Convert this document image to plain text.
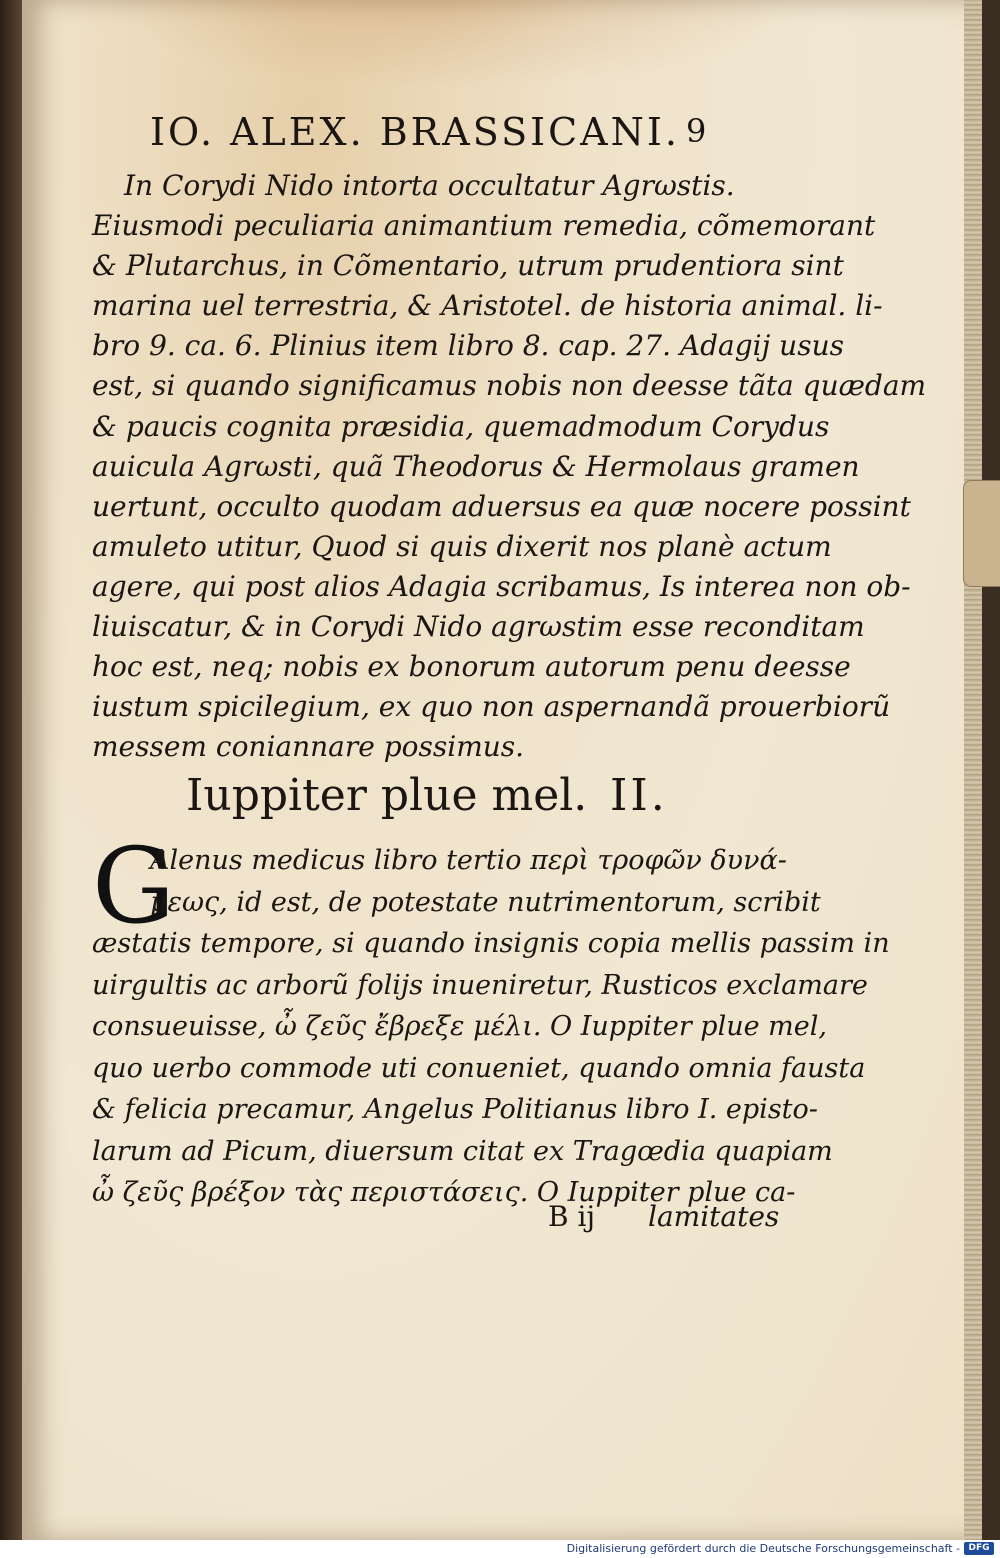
IO. ALEX. BRASSICANI. 9
In Corydi Nido intorta occultatur Agrωstis.
Eiusmodi peculiaria animantium remedia, cõmemorant
& Plutarchus, in Cõmentario, utrum prudentiora sint
marina uel terrestria, & Aristotel. de historia animal. li-
bro 9. ca. 6. Plinius item libro 8. cap. 27. Adagij usus
est, si quando significamus nobis non deesse tãta quædam
& paucis cognita præsidia, quemadmodum Corydus
auicula Agrωsti, quã Theodorus & Hermolaus gramen
uertunt, occulto quodam aduersus ea quæ nocere possint
amuleto utitur, Quod si quis dixerit nos planè actum
agere, qui post alios Adagia scribamus, Is interea non ob-
liuiscatur, & in Corydi Nido agrωstim esse reconditam
hoc est, neq; nobis ex bonorum autorum penu deesse
iustum spicilegium, ex quo non aspernandã prouerbiorũ
messem coniannare possimus.
Iuppiter plue mel. II.
G
Alenus medicus libro tertio περὶ τροφῶν δυνά-
μεως, id est, de potestate nutrimentorum, scribit
æstatis tempore, si quando insignis copia mellis passim in
uirgultis ac arborũ folijs inueniretur, Rusticos exclamare
consueuisse, ὦ ζεῦς ἔβρεξε μέλι. O Iuppiter plue mel,
quo uerbo commode uti conueniet, quando omnia fausta
& felicia precamur, Angelus Politianus libro I. episto-
larum ad Picum, diuersum citat ex Tragœdia quapiam
ὦ ζεῦς βρέξον τὰς περιστάσεις. O Iuppiter plue ca-
B ij lamitates
Digitalisierung gefördert durch die Deutsche Forschungsgemeinschaft - DFG
